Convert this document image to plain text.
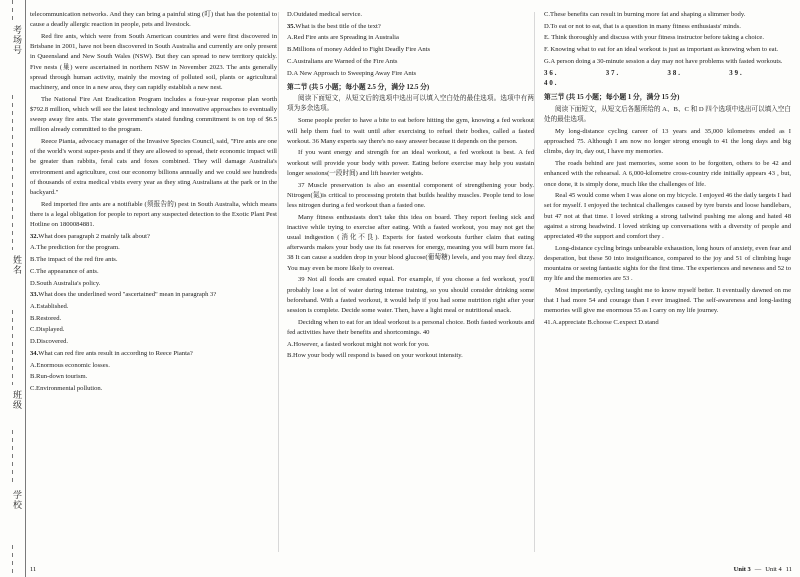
考场号
姓名
班级
学校

telecommunication networks. And they can bring a painful sting (叮) that has the potential to cause a deadly allergic reaction in people, pets and livestock.

Red fire ants, which were from South American countries and were first discovered in Brisbane in 2001, have not been discovered in South Australia and currently are only present in Queensland and New South Wales (NSW). But they can spread to new territory quickly. Five nests (巢) were ascertained in northern NSW in November 2023. The ants generally spread through human activity, mainly the moving of polluted soil, plants or agricultural machinery, and once in a new area, they can rapidly establish a new nest.

The National Fire Ant Eradication Program includes a four-year response plan worth $792.8 million, which will see the latest technology and innovative approaches to eventually sweep away fire ants. The state government's stated funding commitment is on top of $6.5 million already committed to the program.

Reece Pianta, advocacy manager of the Invasive Species Council, said, "Fire ants are one of the world's worst super-pests and if they are allowed to spread, their economic impact will be greater than rabbits, feral cats and foxes combined. They will damage Australia's environment and agriculture, cost our economy billions annually and we could see hundreds of thousands of extra medical visits every year as they sting Australians at the park or in the backyard."

Red imported fire ants are a notifiable (须报告的) pest in South Australia, which means there is a legal obligation for people to report any suspected detection to the Exotic Plant Pest Hotline on 1800084881.

32.What does paragraph 2 mainly talk about?

A.The prediction for the program.

B.The impact of the red fire ants.

C.The appearance of ants.

D.South Australia's policy.

33.What does the underlined word "ascertained" mean in paragraph 3?

A.Established.

B.Restored.

C.Displayed.

D.Discovered.

34.What can red fire ants result in according to Reece Pianta?

A.Enormous economic losses.

B.Run-down tourism.

C.Environmental pollution.

D.Outdated medical service.

35.What is the best title of the text?

A.Red Fire ants are Spreading in Australia

B.Millions of money Added to Fight Deadly Fire Ants

C.Australians are Warned of the Fire Ants

D.A New Approach to Sweeping Away Fire Ants

第二节 (共 5 小题；每小题 2.5 分，满分 12.5 分)

阅读下面短文，从短文后的选项中选出可以填入空白处的最佳选项。选项中有两项为多余选项。

Some people prefer to have a bite to eat before hitting the gym, knowing a fed workout will help them fuel to wait until after exercising to refuel their bodies, called a fasted workout. 36 Many experts say there's no easy answer because it depends on the person.

If you want energy and strength for an ideal workout, a fed workout is best. A fed workout will provide your body with power. Eating before exercise may help you sustain longer sessions(一段时间) and lift heavier weights.

37 Muscle preservation is also an essential component of strengthening your body. Nitrogen(氮)is critical to processing protein that builds healthy muscles. People tend to lose less nitrogen during a fed workout than a fasted one.

Many fitness enthusiasts don't take this idea on board. They report feeling sick and inactive while trying to exercise after eating. With a fasted workout, you may not get the usual indigestion (消化不良). Experts for fasted workouts further claim that eating afterwards makes your body use its fat reserves for energy, meaning you will burn more fat. 38 It can cause a sudden drop in your blood glucose(葡萄糖) levels, and you may feel dizzy. You may even be more likely to overeat.

39 Not all foods are created equal. For example, if you choose a fed workout, you'll probably lose a lot of water during intense training, so you should consider drinking some beforehand. With a fasted workout, it would help if you had some nutrition right after your session is complete. Decide some water. Then, have a light meal or nutritional snack.

Deciding when to eat for an ideal workout is a personal choice. Both fasted workouts and fed activities have their benefits and shortcomings. 40

A.However, a fasted workout might not work for you.

B.How your body will respond is based on your workout intensity.

C.These benefits can result in burning more fat and shaping a slimmer body.

D.To eat or not to eat, that is a question in many fitness enthusiasts' minds.

E. Think thoroughly and discuss with your fitness instructor before taking a choice.

F. Knowing what to eat for an ideal workout is just as important as knowing when to eat.

G.A person doing a 30-minute session a day may not have problems with fasted workouts.

36.	37.	38.	39.
40.

第三节 (共 15 小题；每小题 1 分，满分 15 分)

阅读下面短文，从短文后各题所给的 A、B、C 和 D 四个选项中选出可以填入空白处的最佳选项。

My long-distance cycling career of 13 years and 35,000 kilometres ended as I approached 75. Although I am now no longer strong enough to 41 the long days and big climbs, day in, day out, I have my memories.

The roads behind are just memories, some soon to be forgotten, others to be 42 and enhanced with the rehearsal. A 6,000-kilometre cross-country ride initially appears 43 , but, once done, it is simply done, much like the challenges of life.

Real 45 would come when I was alone on my bicycle. I enjoyed 46 the daily targets I had set for myself. I enjoyed the technical challenges caused by tyre bursts and loose handlebars, but 47 not at that time. I loved striking a strong tailwind pushing me along and hated 48 against a strong headwind. I loved striking up conversations with a diversity of people and appreciated 49 the support and comfort they .

Long-distance cycling brings unbearable exhaustion, long hours of anxiety, even fear and desperation, but these 50 into insignificance, compared to the joy and 51 of climbing huge mountains or seeing fantastic sights for the first time. The experiences and newness and 52 to my life and the memories are 53 .

Most importantly, cycling taught me to know myself better. It eventually dawned on me that I had more 54 and courage than I ever imagined. The self-awareness and long-lasting memories will give me enormous 55 as I carry on my life journey.

41.A.appreciate B.choose C.expect D.stand

11	Unit 3 — Unit 4 11
